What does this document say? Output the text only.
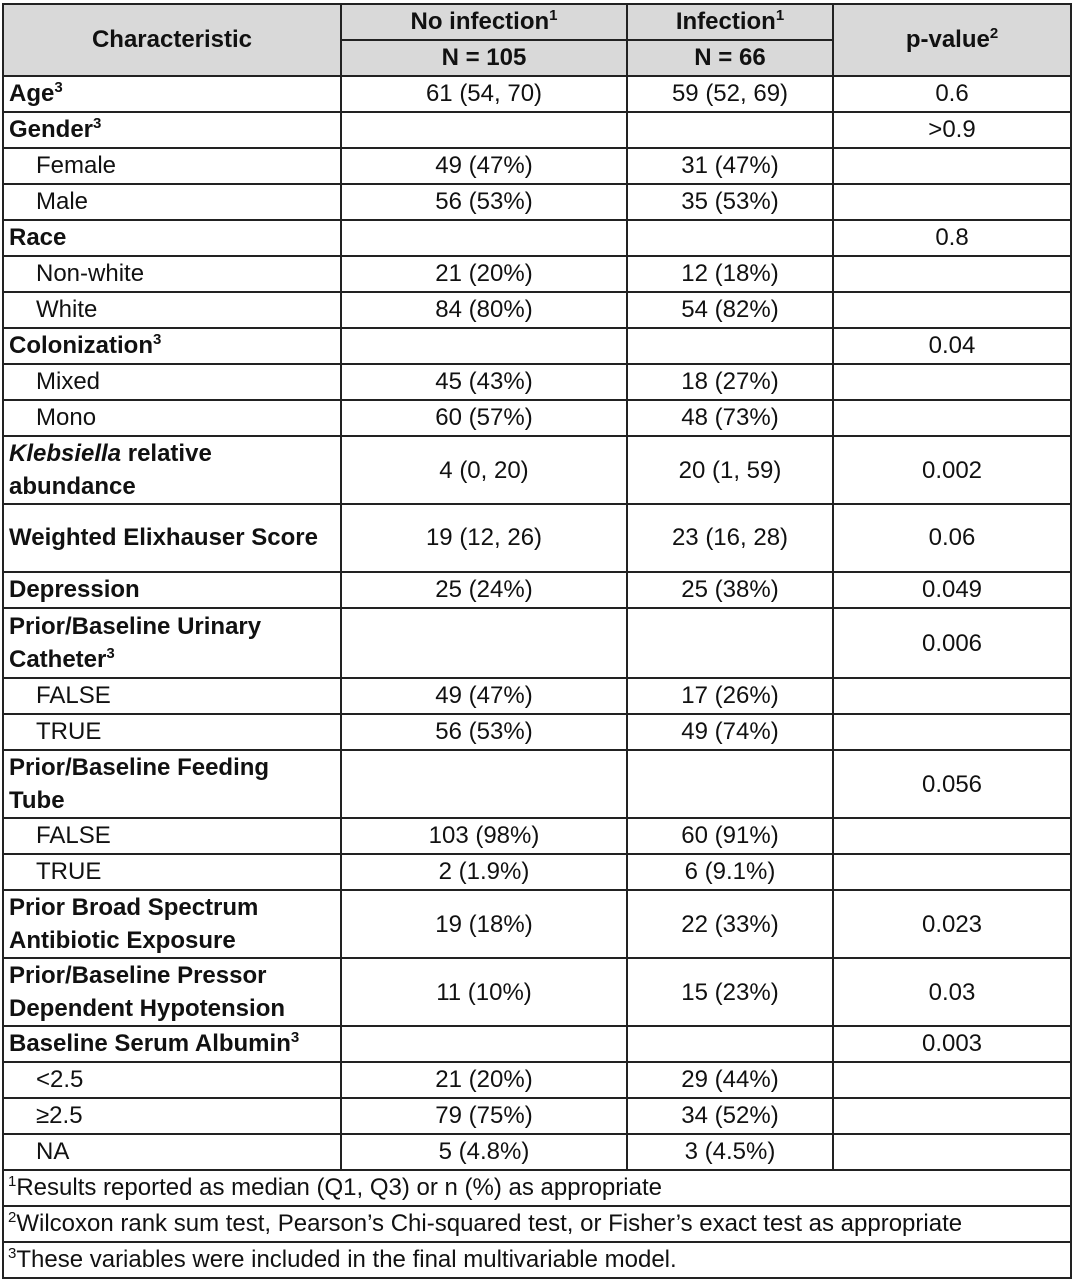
Characteristic	No infection$^1$	Infection$^1$	p-value$^2$
	N = 105	N = 66	
Age$^3$	61 (54, 70)	59 (52, 69)	0.6
Gender$^3$			>0.9
Female	49 (47%)	31 (47%)	
Male	56 (53%)	35 (53%)	
Race			0.8
Non-white	21 (20%)	12 (18%)	
White	84 (80%)	54 (82%)	
Colonization$^3$			0.04
Mixed	45 (43%)	18 (27%)	
Mono	60 (57%)	48 (73%)	
Klebsiella relative
abundance	4 (0, 20)	20 (1, 59)	0.002
Weighted Elixhauser Score	19 (12, 26)	23 (16, 28)	0.06
Depression	25 (24%)	25 (38%)	0.049
Prior/Baseline Urinary
Catheter$^3$			0.006
FALSE	49 (47%)	17 (26%)	
TRUE	56 (53%)	49 (74%)	
Prior/Baseline Feeding
Tube			0.056
FALSE	103 (98%)	60 (91%)	
TRUE	2 (1.9%)	6 (9.1%)	
Prior Broad Spectrum
Antibiotic Exposure	19 (18%)	22 (33%)	0.023
Prior/Baseline Pressor
Dependent Hypotension	11 (10%)	15 (23%)	0.03
Baseline Serum Albumin$^3$			0.003
<2.5	21 (20%)	29 (44%)	
≥2.5	79 (75%)	34 (52%)	
NA	5 (4.8%)	3 (4.5%)	
$^1$Results reported as median (Q1, Q3) or n (%) as appropriate			
$^2$Wilcoxon rank sum test, Pearson’s Chi-squared test, or Fisher’s exact test as appropriate			
$^3$These variables were included in the final multivariable model.			
